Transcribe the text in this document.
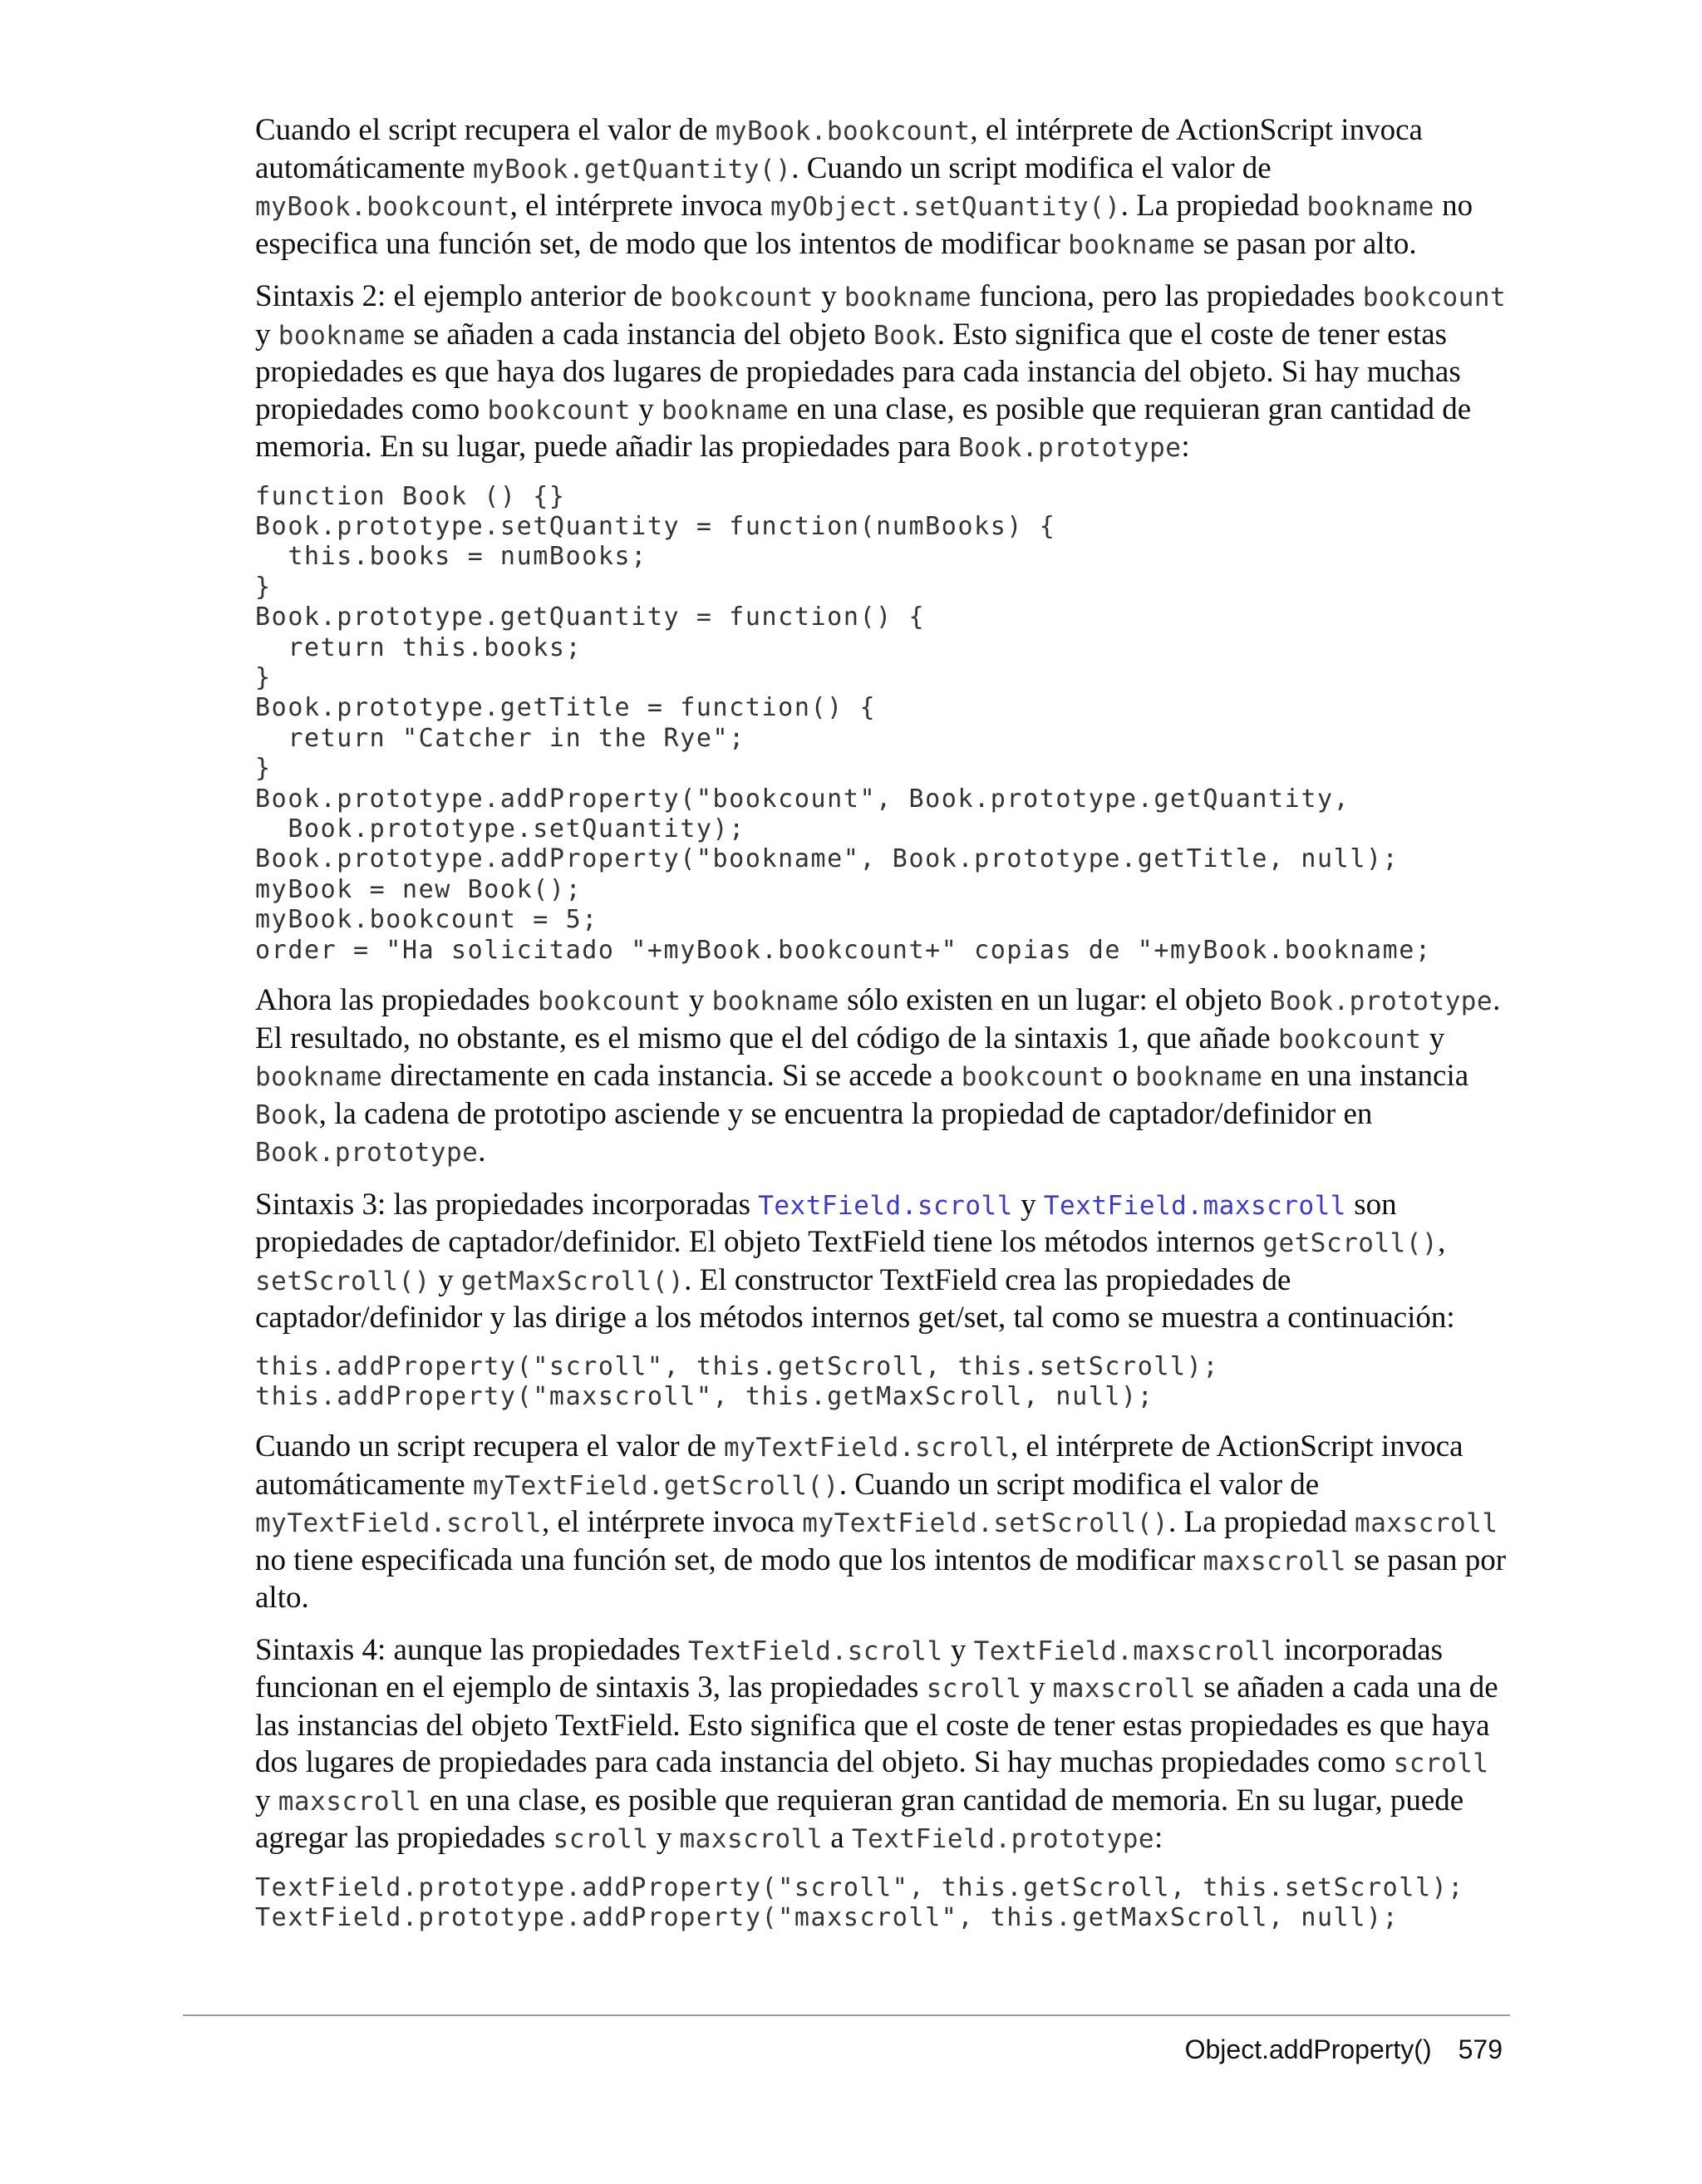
Cuando el script recupera el valor de myBook.bookcount, el intérprete de ActionScript invoca automáticamente myBook.getQuantity(). Cuando un script modifica el valor de myBook.bookcount, el intérprete invoca myObject.setQuantity(). La propiedad bookname no especifica una función set, de modo que los intentos de modificar bookname se pasan por alto.

Sintaxis 2: el ejemplo anterior de bookcount y bookname funciona, pero las propiedades bookcount y bookname se añaden a cada instancia del objeto Book. Esto significa que el coste de tener estas propiedades es que haya dos lugares de propiedades para cada instancia del objeto. Si hay muchas propiedades como bookcount y bookname en una clase, es posible que requieran gran cantidad de memoria. En su lugar, puede añadir las propiedades para Book.prototype:

function Book () {}
Book.prototype.setQuantity = function(numBooks) {
this.books = numBooks;
}
Book.prototype.getQuantity = function() {
return this.books;
}
Book.prototype.getTitle = function() {
return "Catcher in the Rye";
}
Book.prototype.addProperty("bookcount", Book.prototype.getQuantity,
Book.prototype.setQuantity);
Book.prototype.addProperty("bookname", Book.prototype.getTitle, null);
myBook = new Book();
myBook.bookcount = 5;
order = "Ha solicitado "+myBook.bookcount+" copias de "+myBook.bookname;

Ahora las propiedades bookcount y bookname sólo existen en un lugar: el objeto Book.prototype. El resultado, no obstante, es el mismo que el del código de la sintaxis 1, que añade bookcount y bookname directamente en cada instancia. Si se accede a bookcount o bookname en una instancia Book, la cadena de prototipo asciende y se encuentra la propiedad de captador/definidor en Book.prototype.

Sintaxis 3: las propiedades incorporadas TextField.scroll y TextField.maxscroll son propiedades de captador/definidor. El objeto TextField tiene los métodos internos getScroll(), setScroll() y getMaxScroll(). El constructor TextField crea las propiedades de captador/definidor y las dirige a los métodos internos get/set, tal como se muestra a continuación:

this.addProperty("scroll", this.getScroll, this.setScroll);
this.addProperty("maxscroll", this.getMaxScroll, null);

Cuando un script recupera el valor de myTextField.scroll, el intérprete de ActionScript invoca automáticamente myTextField.getScroll(). Cuando un script modifica el valor de myTextField.scroll, el intérprete invoca myTextField.setScroll(). La propiedad maxscroll no tiene especificada una función set, de modo que los intentos de modificar maxscroll se pasan por alto.

Sintaxis 4: aunque las propiedades TextField.scroll y TextField.maxscroll incorporadas funcionan en el ejemplo de sintaxis 3, las propiedades scroll y maxscroll se añaden a cada una de las instancias del objeto TextField. Esto significa que el coste de tener estas propiedades es que haya dos lugares de propiedades para cada instancia del objeto. Si hay muchas propiedades como scroll y maxscroll en una clase, es posible que requieran gran cantidad de memoria. En su lugar, puede agregar las propiedades scroll y maxscroll a TextField.prototype:

TextField.prototype.addProperty("scroll", this.getScroll, this.setScroll);
TextField.prototype.addProperty("maxscroll", this.getMaxScroll, null);
Object.addProperty() 579
